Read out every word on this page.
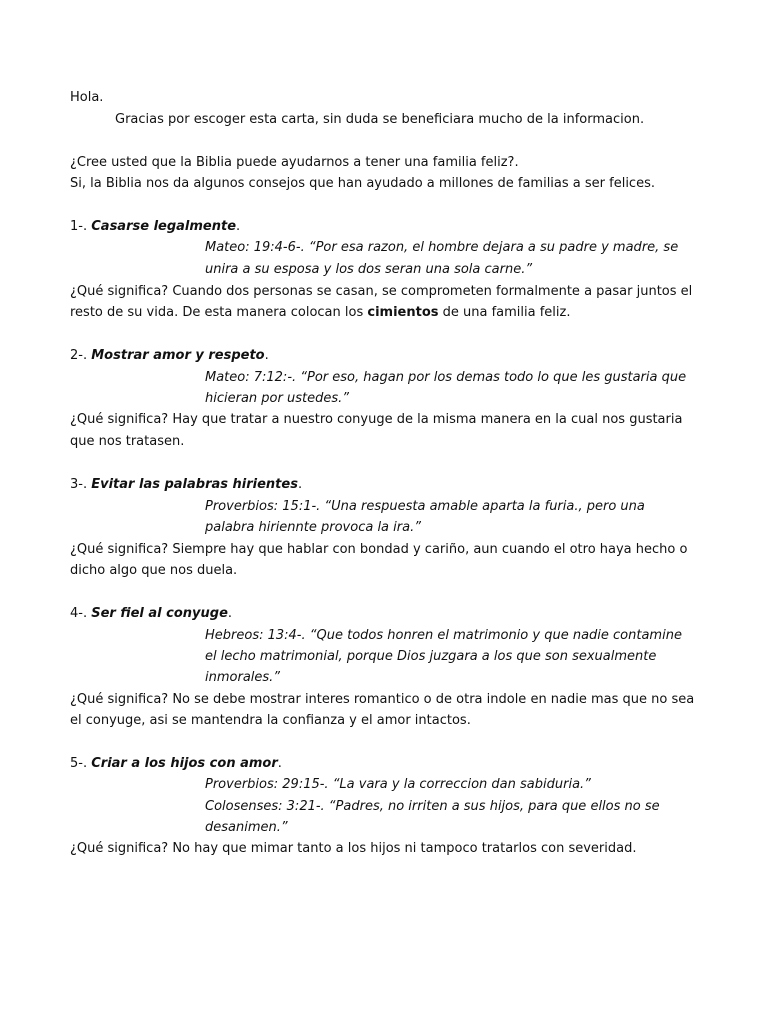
Hola.
Gracias por escoger esta carta, sin duda se beneficiara mucho de la informacion.
¿Cree usted que la Biblia puede ayudarnos a tener una familia feliz?.
Si, la Biblia nos da algunos consejos que han ayudado a millones de familias a ser felices.
1-. Casarse legalmente.
Mateo: 19:4-6-. “Por esa razon, el hombre dejara a su padre y madre, se
unira a su esposa y los dos seran una sola carne.”
¿Qué significa? Cuando dos personas se casan, se comprometen formalmente a pasar juntos el
resto de su vida. De esta manera colocan los cimientos de una familia feliz.
2-. Mostrar amor y respeto.
Mateo: 7:12:-. “Por eso, hagan por los demas todo lo que les gustaria que
hicieran por ustedes.”
¿Qué significa? Hay que tratar a nuestro conyuge de la misma manera en la cual nos gustaria
que nos tratasen.
3-. Evitar las palabras hirientes.
Proverbios: 15:1-. “Una respuesta amable aparta la furia., pero una
palabra hiriennte provoca la ira.”
¿Qué significa? Siempre hay que hablar con bondad y cariño, aun cuando el otro haya hecho o
dicho algo que nos duela.
4-. Ser fiel al conyuge.
Hebreos: 13:4-. “Que todos honren el matrimonio y que nadie contamine
el lecho matrimonial, porque Dios juzgara a los que son sexualmente
inmorales.”
¿Qué significa? No se debe mostrar interes romantico o de otra indole en nadie mas que no sea
el conyuge, asi se mantendra la confianza y el amor intactos.
5-. Criar a los hijos con amor.
Proverbios: 29:15-. “La vara y la correccion dan sabiduria.”
Colosenses: 3:21-. “Padres, no irriten a sus hijos, para que ellos no se
desanimen.”
¿Qué significa? No hay que mimar tanto a los hijos ni tampoco tratarlos con severidad.
